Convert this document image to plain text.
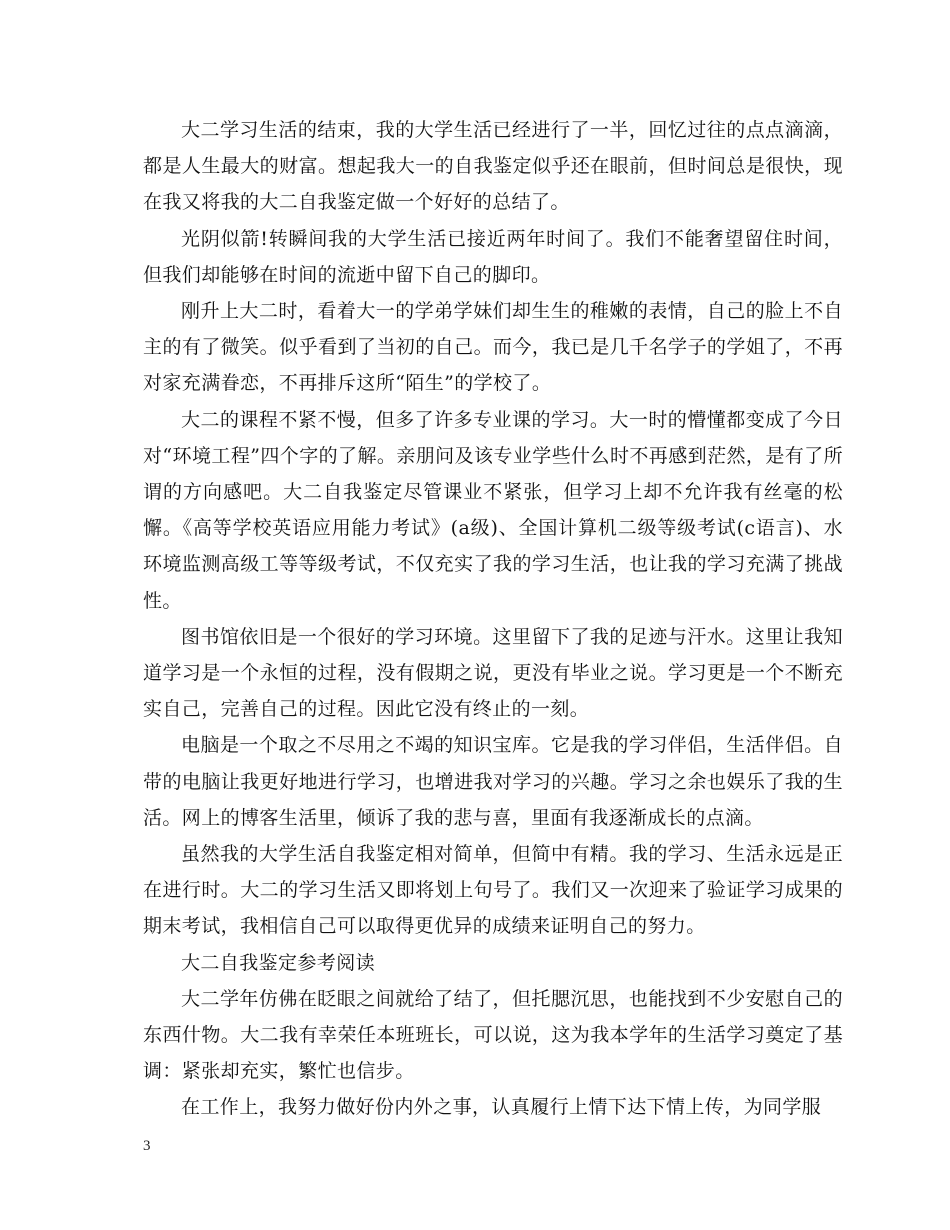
大二学习生活的结束，我的大学生活已经进行了一半，回忆过往的点点滴滴，都是人生最大的财富。想起我大一的自我鉴定似乎还在眼前，但时间总是很快，现在我又将我的大二自我鉴定做一个好好的总结了。

光阴似箭!转瞬间我的大学生活已接近两年时间了。我们不能奢望留住时间，但我们却能够在时间的流逝中留下自己的脚印。

刚升上大二时，看着大一的学弟学妹们却生生的稚嫩的表情，自己的脸上不自主的有了微笑。似乎看到了当初的自己。而今，我已是几千名学子的学姐了，不再对家充满眷恋，不再排斥这所“陌生”的学校了。

大二的课程不紧不慢，但多了许多专业课的学习。大一时的懵懂都变成了今日对“环境工程”四个字的了解。亲朋问及该专业学些什么时不再感到茫然，是有了所谓的方向感吧。大二自我鉴定尽管课业不紧张，但学习上却不允许我有丝毫的松懈。《高等学校英语应用能力考试》(a级)、全国计算机二级等级考试(c语言)、水环境监测高级工等等级考试，不仅充实了我的学习生活，也让我的学习充满了挑战性。

图书馆依旧是一个很好的学习环境。这里留下了我的足迹与汗水。这里让我知道学习是一个永恒的过程，没有假期之说，更没有毕业之说。学习更是一个不断充实自己，完善自己的过程。因此它没有终止的一刻。

电脑是一个取之不尽用之不竭的知识宝库。它是我的学习伴侣，生活伴侣。自带的电脑让我更好地进行学习，也增进我对学习的兴趣。学习之余也娱乐了我的生活。网上的博客生活里，倾诉了我的悲与喜，里面有我逐渐成长的点滴。

虽然我的大学生活自我鉴定相对简单，但简中有精。我的学习、生活永远是正在进行时。大二的学习生活又即将划上句号了。我们又一次迎来了验证学习成果的期末考试，我相信自己可以取得更优异的成绩来证明自己的努力。

大二自我鉴定参考阅读

大二学年仿佛在眨眼之间就给了结了，但托腮沉思，也能找到不少安慰自己的东西什物。大二我有幸荣任本班班长，可以说，这为我本学年的生活学习奠定了基调：紧张却充实，繁忙也信步。

在工作上，我努力做好份内外之事，认真履行上情下达下情上传，为同学服

3
